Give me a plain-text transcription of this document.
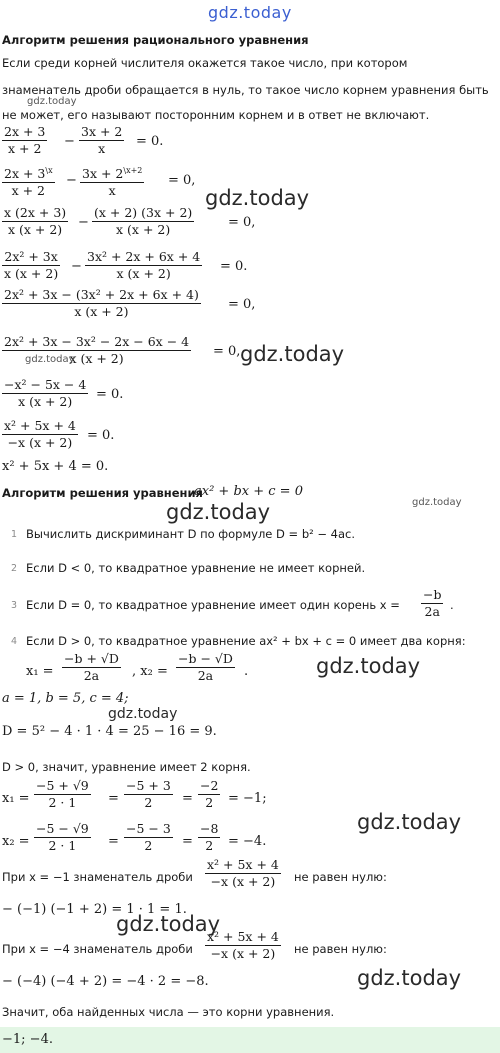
gdz.today
Алгоритм решения рационального уравнения
Если среди корней числителя окажется такое число, при котором
знаменатель дроби обращается в нуль, то такое число корнем уравнения быть
не может, его называют посторонним корнем и в ответ не включают.
gdz.today
2x + 3
x + 2	−
3x + 2
x	= 0.
$2x + 3^{\backslash x}$
x + 2
− $3x + 2^{\backslash x+2}$
x
= 0,
gdz.today
x (2x + 3)
x (x + 2)	−
(x + 2) (3x + 2)
x (x + 2)	= 0,
2x² + 3x
x (x + 2) −
3x² + 2x + 6x + 4
x (x + 2)	= 0.
2x² + 3x − (3x² + 2x + 6x + 4)
x (x + 2)	= 0,
2x² + 3x − 3x² − 2x − 6x − 4
x (x + 2)	= 0,
gdz.today	gdz.today
−x² − 5x − 4
x (x + 2)	= 0.
x² + 5x + 4
−x (x + 2)	= 0.
x² + 5x + 4 = 0.
Алгоритм решения уравнения
ax² + bx + c = 0
gdz.today	gdz.today
1 Вычислить дискриминант D по формуле D = b² − 4ac.
2 Если D < 0, то квадратное уравнение не имеет корней.
3 Если D = 0, то квадратное уравнение имеет один корень x =
−b
2a .
4 Если D > 0, то квадратное уравнение ax² + bx + c = 0 имеет два корня:
x₁ =
−b + √D
2a	, x₂ =
−b − √D
2a	.	gdz.today
a = 1, b = 5, c = 4;
gdz.today
D = 5² − 4 · 1 · 4 = 25 − 16 = 9.
D > 0, значит, уравнение имеет 2 корня.
x₁ =
−5 + √9
2 · 1	=
−5 + 3
2	=
−2
2	= −1;
x₂ =
−5 − √9
2 · 1	=
−5 − 3
2	=
−8
2	= −4.
gdz.today
При x = −1 знаменатель дроби
x² + 5x + 4
−x (x + 2)	не равен нулю:
− (−1) (−1 + 2) = 1 · 1 = 1.
gdz.today
При x = −4 знаменатель дроби
x² + 5x + 4
−x (x + 2)	не равен нулю:
− (−4) (−4 + 2) = −4 · 2 = −8.	gdz.today
Значит, оба найденных числа — это корни уравнения.
−1; −4.
